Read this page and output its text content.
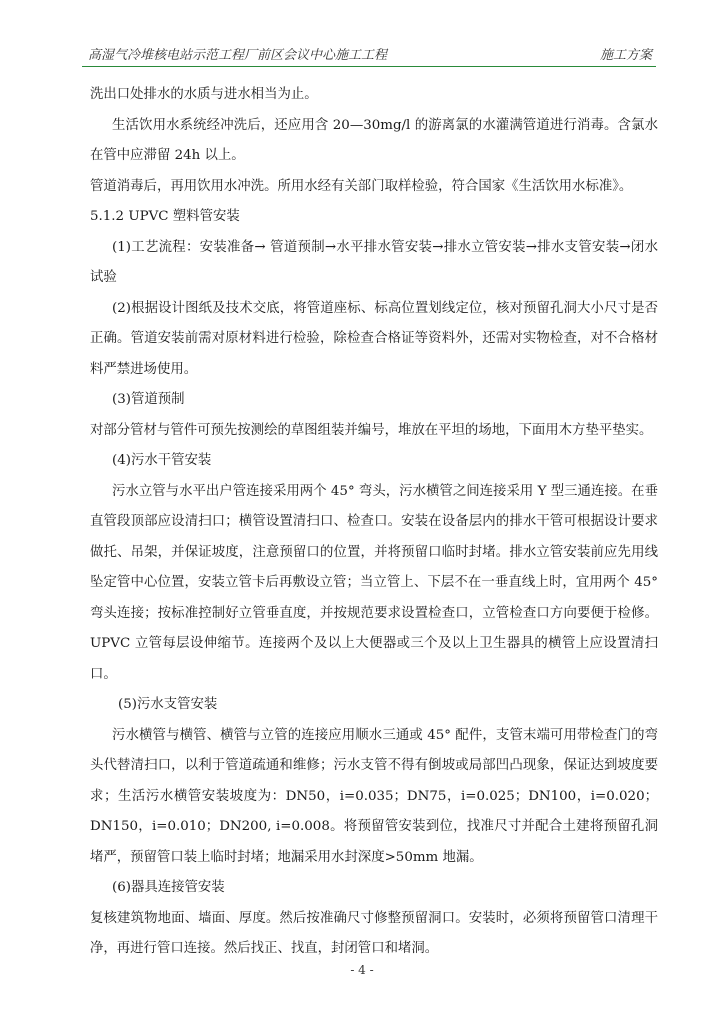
高湿气冷堆核电站示范工程厂前区会议中心施工工程	施工方案

洗出口处排水的水质与进水相当为止。

生活饮用水系统经冲洗后，还应用含 20—30mg/l 的游离氯的水灌满管道进行消毒。含氯水在管中应滞留 24h 以上。

管道消毒后，再用饮用水冲洗。所用水经有关部门取样检验，符合国家《生活饮用水标准》。

5.1.2 UPVC 塑料管安装

(1)工艺流程：安装准备→ 管道预制→水平排水管安装→排水立管安装→排水支管安装→闭水试验

(2)根据设计图纸及技术交底，将管道座标、标高位置划线定位，核对预留孔洞大小尺寸是否正确。管道安装前需对原材料进行检验，除检查合格证等资料外，还需对实物检查，对不合格材料严禁进场使用。

(3)管道预制

对部分管材与管件可预先按测绘的草图组装并编号，堆放在平坦的场地，下面用木方垫平垫实。

(4)污水干管安装

污水立管与水平出户管连接采用两个 45° 弯头，污水横管之间连接采用 Y 型三通连接。在垂直管段顶部应设清扫口；横管设置清扫口、检查口。安装在设备层内的排水干管可根据设计要求做托、吊架，并保证坡度，注意预留口的位置，并将预留口临时封堵。排水立管安装前应先用线坠定管中心位置，安装立管卡后再敷设立管；当立管上、下层不在一垂直线上时，宜用两个 45° 弯头连接；按标准控制好立管垂直度，并按规范要求设置检查口，立管检查口方向要便于检修。UPVC 立管每层设伸缩节。连接两个及以上大便器或三个及以上卫生器具的横管上应设置清扫口。

(5)污水支管安装

污水横管与横管、横管与立管的连接应用顺水三通或 45° 配件，支管末端可用带检查门的弯头代替清扫口，以利于管道疏通和维修；污水支管不得有倒坡或局部凹凸现象，保证达到坡度要求；生活污水横管安装坡度为：DN50，i=0.035；DN75，i=0.025；DN100，i=0.020；DN150，i=0.010；DN200, i=0.008。将预留管安装到位，找准尺寸并配合土建将预留孔洞堵严，预留管口装上临时封堵；地漏采用水封深度>50mm 地漏。

(6)器具连接管安装

复核建筑物地面、墙面、厚度。然后按准确尺寸修整预留洞口。安装时，必须将预留管口清理干净，再进行管口连接。然后找正、找直，封闭管口和堵洞。

- 4 -
